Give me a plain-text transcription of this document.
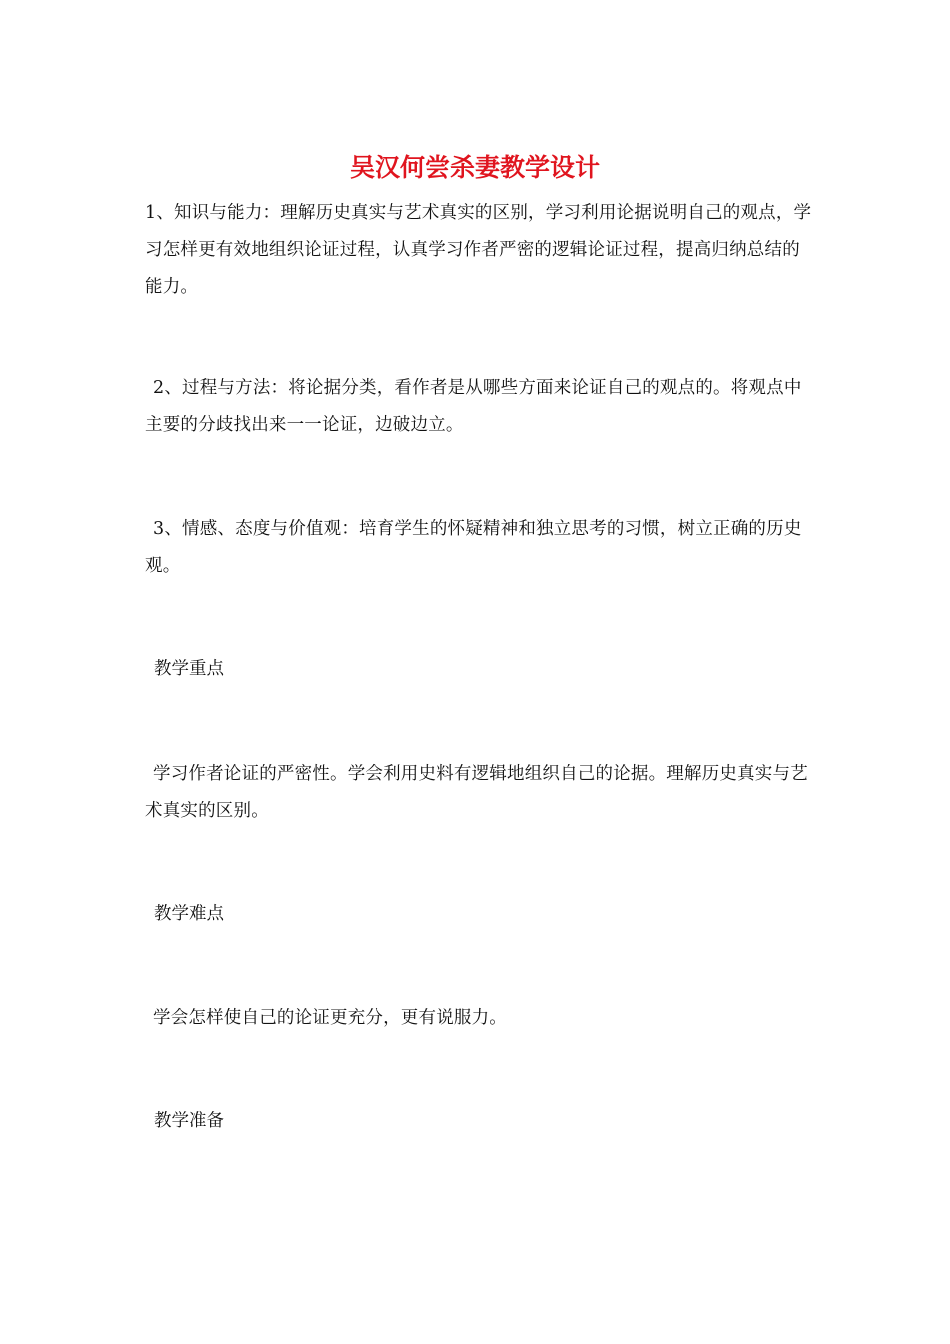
吴汉何尝杀妻教学设计

1、知识与能力：理解历史真实与艺术真实的区别，学习利用论据说明自己的观点，学习怎样更有效地组织论证过程，认真学习作者严密的逻辑论证过程，提高归纳总结的能力。

2、过程与方法：将论据分类，看作者是从哪些方面来论证自己的观点的。将观点中主要的分歧找出来一一论证，边破边立。

3、情感、态度与价值观：培育学生的怀疑精神和独立思考的习惯，树立正确的历史观。

教学重点

学习作者论证的严密性。学会利用史料有逻辑地组织自己的论据。理解历史真实与艺术真实的区别。

教学难点

学会怎样使自己的论证更充分，更有说服力。

教学准备
